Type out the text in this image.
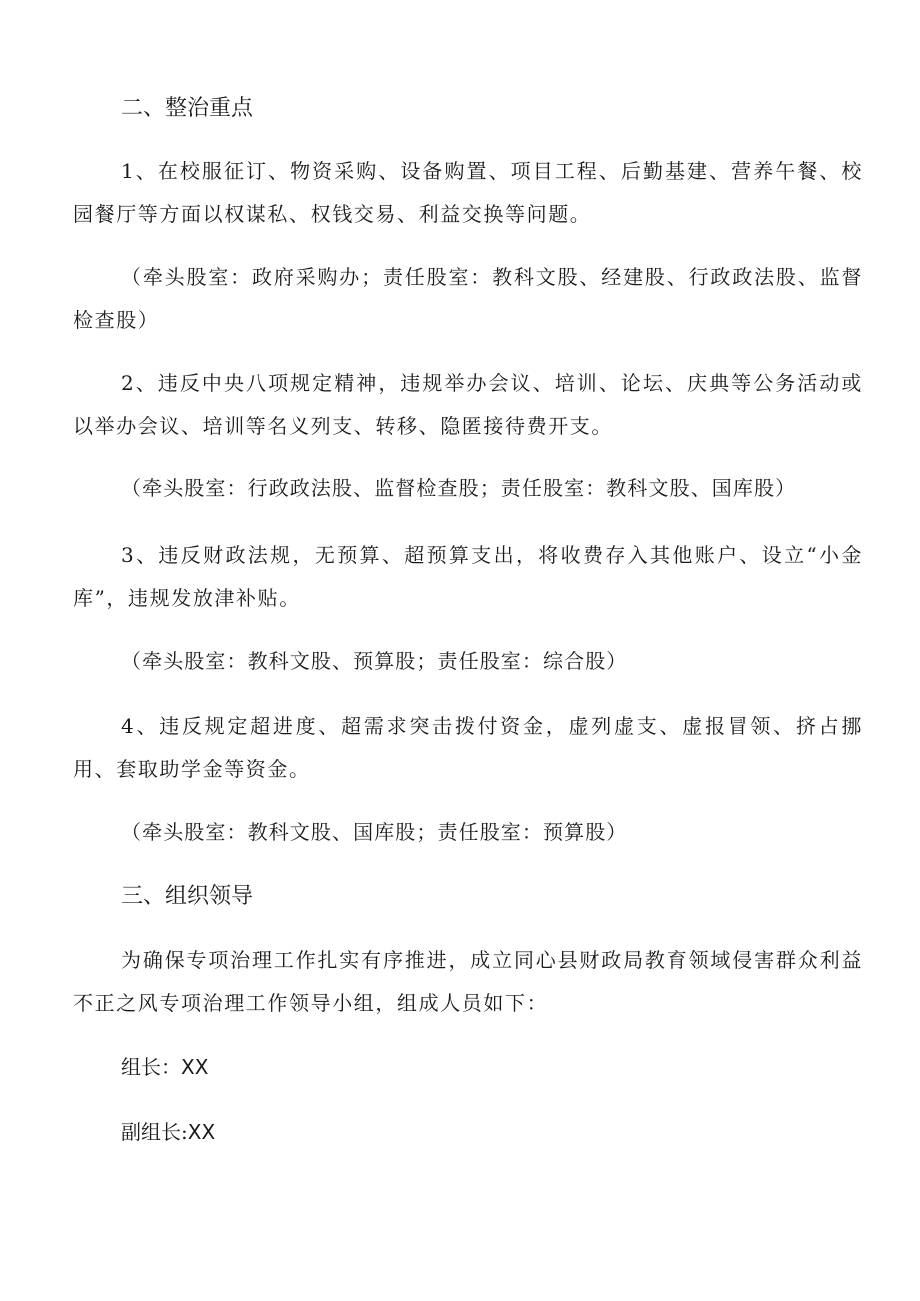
二、整治重点
1、在校服征订、物资采购、设备购置、项目工程、后勤基建、营养午餐、校园餐厅等方面以权谋私、权钱交易、利益交换等问题。
（牵头股室：政府采购办；责任股室：教科文股、经建股、行政政法股、监督检查股）
2、违反中央八项规定精神，违规举办会议、培训、论坛、庆典等公务活动或以举办会议、培训等名义列支、转移、隐匿接待费开支。
（牵头股室：行政政法股、监督检查股；责任股室：教科文股、国库股）
3、违反财政法规，无预算、超预算支出，将收费存入其他账户、设立“小金库”，违规发放津补贴。
（牵头股室：教科文股、预算股；责任股室：综合股）
4、违反规定超进度、超需求突击拨付资金，虚列虚支、虚报冒领、挤占挪用、套取助学金等资金。
（牵头股室：教科文股、国库股；责任股室：预算股）
三、组织领导
为确保专项治理工作扎实有序推进，成立同心县财政局教育领域侵害群众利益不正之风专项治理工作领导小组，组成人员如下：
组长：XX
副组长:XX
